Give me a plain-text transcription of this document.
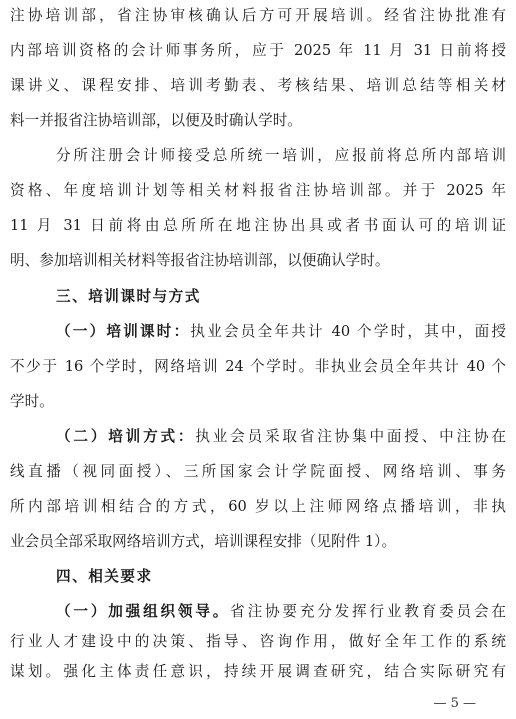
注协培训部，省注协审核确认后方可开展培训。经省注协批准有
内部培训资格的会计师事务所，应于 2025 年 11 月 31 日前将授
课讲义、课程安排、培训考勤表、考核结果、培训总结等相关材
料一并报省注协培训部，以便及时确认学时。
分所注册会计师接受总所统一培训，应报前将总所内部培训
资格、年度培训计划等相关材料报省注协培训部。并于 2025 年
11 月 31 日前将由总所所在地注协出具或者书面认可的培训证
明、参加培训相关材料等报省注协培训部，以便确认学时。
三、培训课时与方式
（一）培训课时：执业会员全年共计 40 个学时，其中，面授
不少于 16 个学时，网络培训 24 个学时。非执业会员全年共计 40 个
学时。
（二）培训方式：执业会员采取省注协集中面授、中注协在
线直播（视同面授）、三所国家会计学院面授、网络培训、事务
所内部培训相结合的方式，60 岁以上注师网络点播培训，非执
业会员全部采取网络培训方式，培训课程安排（见附件 1）。
四、相关要求
（一）加强组织领导。省注协要充分发挥行业教育委员会在
行业人才建设中的决策、指导、咨询作用，做好全年工作的系统
谋划。强化主体责任意识，持续开展调查研究，结合实际研究有
— 5 —
